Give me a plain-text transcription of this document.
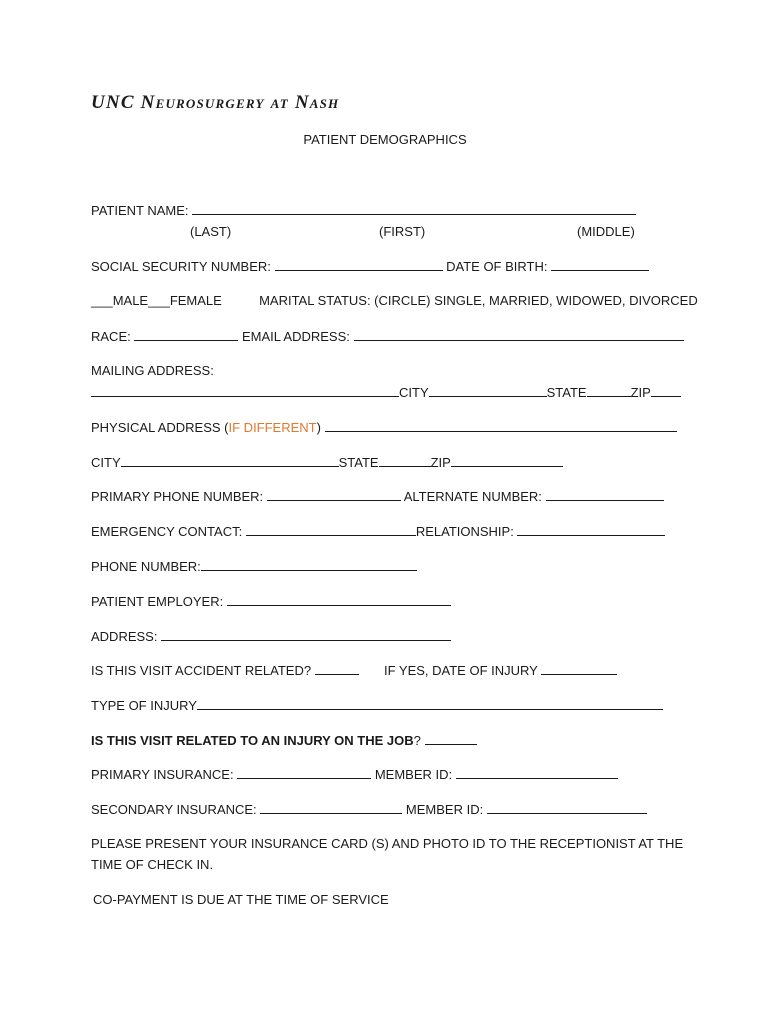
UNC Neurosurgery at Nash
PATIENT DEMOGRAPHICS
PATIENT NAME:
(LAST)	(FIRST)	(MIDDLE)
SOCIAL SECURITY NUMBER:	DATE OF BIRTH:
___MALE___FEMALE	MARITAL STATUS: (CIRCLE) SINGLE, MARRIED, WIDOWED, DIVORCED
RACE:	EMAIL ADDRESS:
MAILING ADDRESS:
CITY	STATE	ZIP
PHYSICAL ADDRESS (IF DIFFERENT)
CITY	STATE	ZIP
PRIMARY PHONE NUMBER:	ALTERNATE NUMBER:
EMERGENCY CONTACT:	RELATIONSHIP:
PHONE NUMBER:
PATIENT EMPLOYER:
ADDRESS:
IS THIS VISIT ACCIDENT RELATED?	IF YES, DATE OF INJURY
TYPE OF INJURY
IS THIS VISIT RELATED TO AN INJURY ON THE JOB?
PRIMARY INSURANCE:	MEMBER ID:
SECONDARY INSURANCE:	MEMBER ID:
PLEASE PRESENT YOUR INSURANCE CARD (S) AND PHOTO ID TO THE RECEPTIONIST AT THE
TIME OF CHECK IN.
CO-PAYMENT IS DUE AT THE TIME OF SERVICE
